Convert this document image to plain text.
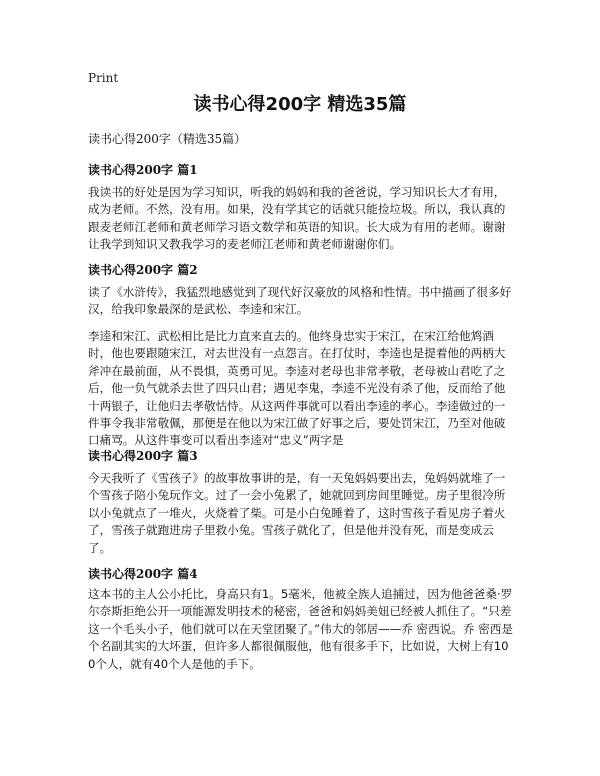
Print
读书心得200字 精选35篇

读书心得200字（精选35篇）

读书心得200字 篇1

我读书的好处是因为学习知识，听我的妈妈和我的爸爸说，学习知识长大才有用，成为老师。不然，没有用。如果，没有学其它的话就只能捡垃圾。所以，我认真的跟麦老师江老师和黄老师学习语文数学和英语的知识。长大成为有用的老师。谢谢让我学到知识又教我学习的麦老师江老师和黄老师谢谢你们。

读书心得200字 篇2

读了《水浒传》，我猛烈地感觉到了现代好汉豪放的风格和性情。书中描画了很多好汉，给我印象最深的是武松、李逵和宋江。

李逵和宋江、武松相比是比力直来直去的。他终身忠实于宋江，在宋江给他鸩酒时，他也要跟随宋江，对去世没有一点怨言。在打仗时，李逵也是提着他的两柄大斧冲在最前面，从不畏惧，英勇可见。李逵对老母也非常孝敬，老母被山君吃了之后，他一负气就杀去世了四只山君；遇见李鬼，李逵不光没有杀了他，反而给了他十两银子，让他归去孝敬怙恃。从这两件事就可以看出李逵的孝心。李逵做过的一件事令我非常敬佩，那便是在他以为宋江做了好事之后，要处罚宋江，乃至对他破口痛骂。从这件事变可以看出李逵对“忠义”两字是

读书心得200字 篇3

今天我听了《雪孩子》的故事故事讲的是，有一天兔妈妈要出去，兔妈妈就堆了一个雪孩子陪小兔玩作文。过了一会小兔累了，她就回到房间里睡觉。房子里很冷所以小兔就点了一堆火，火烧着了柴。可是小白兔睡着了，这时雪孩子看见房子着火了，雪孩子就跑进房子里救小兔。雪孩子就化了，但是他并没有死，而是变成云了。

读书心得200字 篇4

这本书的主人公小托比，身高只有1。5毫米，他被全族人追捕过，因为他爸爸桑·罗尔奈斯拒绝公开一项能源发明技术的秘密，爸爸和妈妈美妞已经被人抓住了。“只差这一个毛头小子，他们就可以在天堂团聚了。”伟大的邻居——乔 密西说。乔 密西是个名副其实的大坏蛋，但许多人都很佩服他，他有很多手下，比如说，大树上有100个人，就有40个人是他的手下。
